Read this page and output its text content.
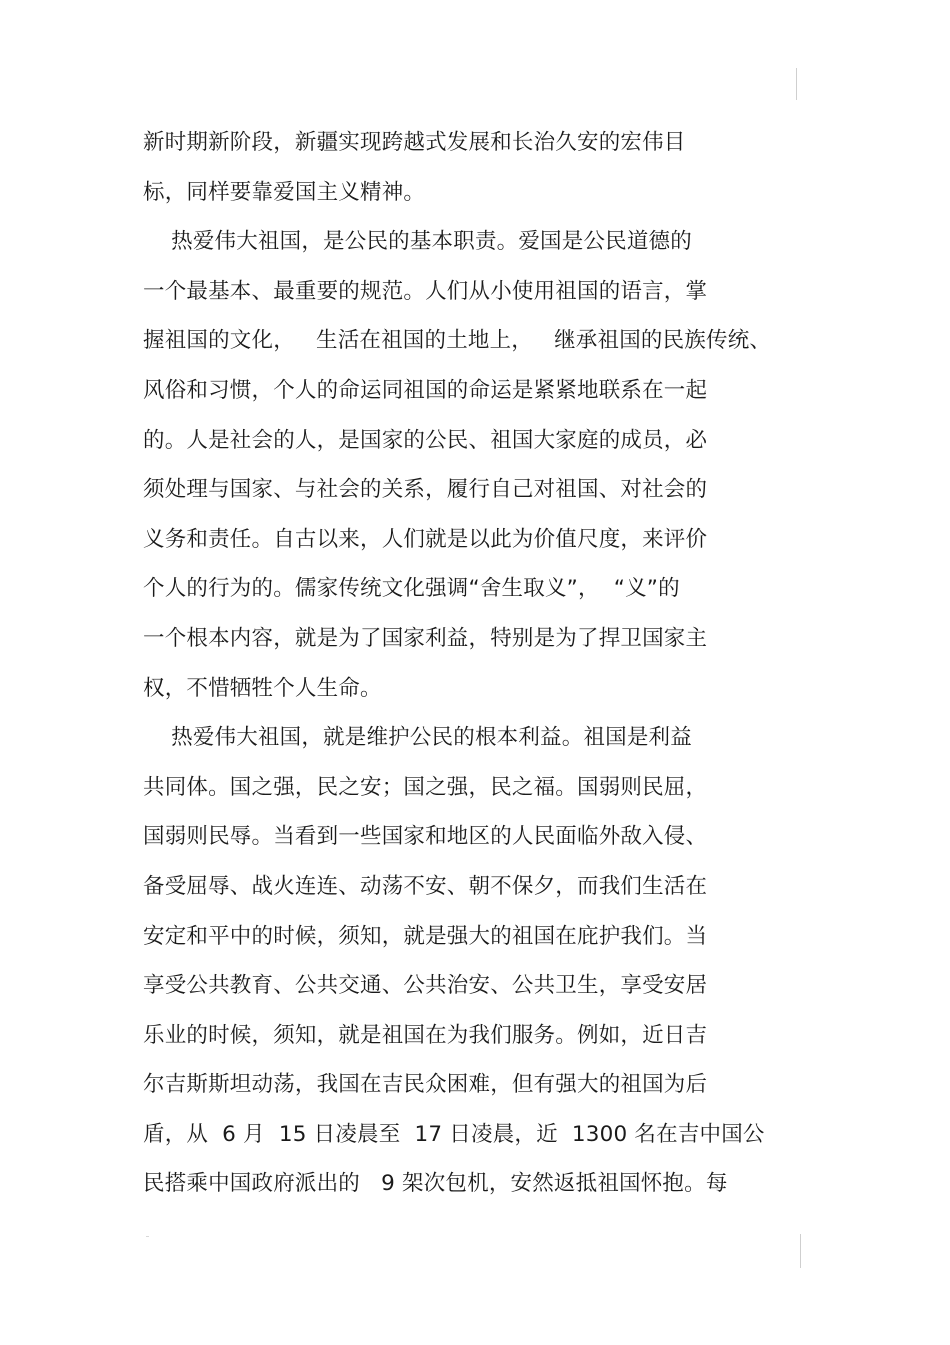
新时期新阶段，新疆实现跨越式发展和长治久安的宏伟目
标，同样要靠爱国主义精神。
热爱伟大祖国，是公民的基本职责。爱国是公民道德的
一个最基本、最重要的规范。人们从小使用祖国的语言，掌
握祖国的文化，   生活在祖国的土地上，   继承祖国的民族传统、
风俗和习惯，个人的命运同祖国的命运是紧紧地联系在一起
的。人是社会的人，是国家的公民、祖国大家庭的成员，必
须处理与国家、与社会的关系，履行自己对祖国、对社会的
义务和责任。自古以来，人们就是以此为价值尺度，来评价
个人的行为的。儒家传统文化强调“舍生取义”，  “义”的
一个根本内容，就是为了国家利益，特别是为了捍卫国家主
权，不惜牺牲个人生命。
热爱伟大祖国，就是维护公民的根本利益。祖国是利益
共同体。国之强，民之安；国之强，民之福。国弱则民屈，
国弱则民辱。当看到一些国家和地区的人民面临外敌入侵、
备受屈辱、战火连连、动荡不安、朝不保夕，而我们生活在
安定和平中的时候，须知，就是强大的祖国在庇护我们。当
享受公共教育、公共交通、公共治安、公共卫生，享受安居
乐业的时候，须知，就是祖国在为我们服务。例如，近日吉
尔吉斯斯坦动荡，我国在吉民众困难，但有强大的祖国为后
盾，从  6 月  15 日凌晨至  17 日凌晨，近  1300 名在吉中国公
民搭乘中国政府派出的   9 架次包机，安然返抵祖国怀抱。每
